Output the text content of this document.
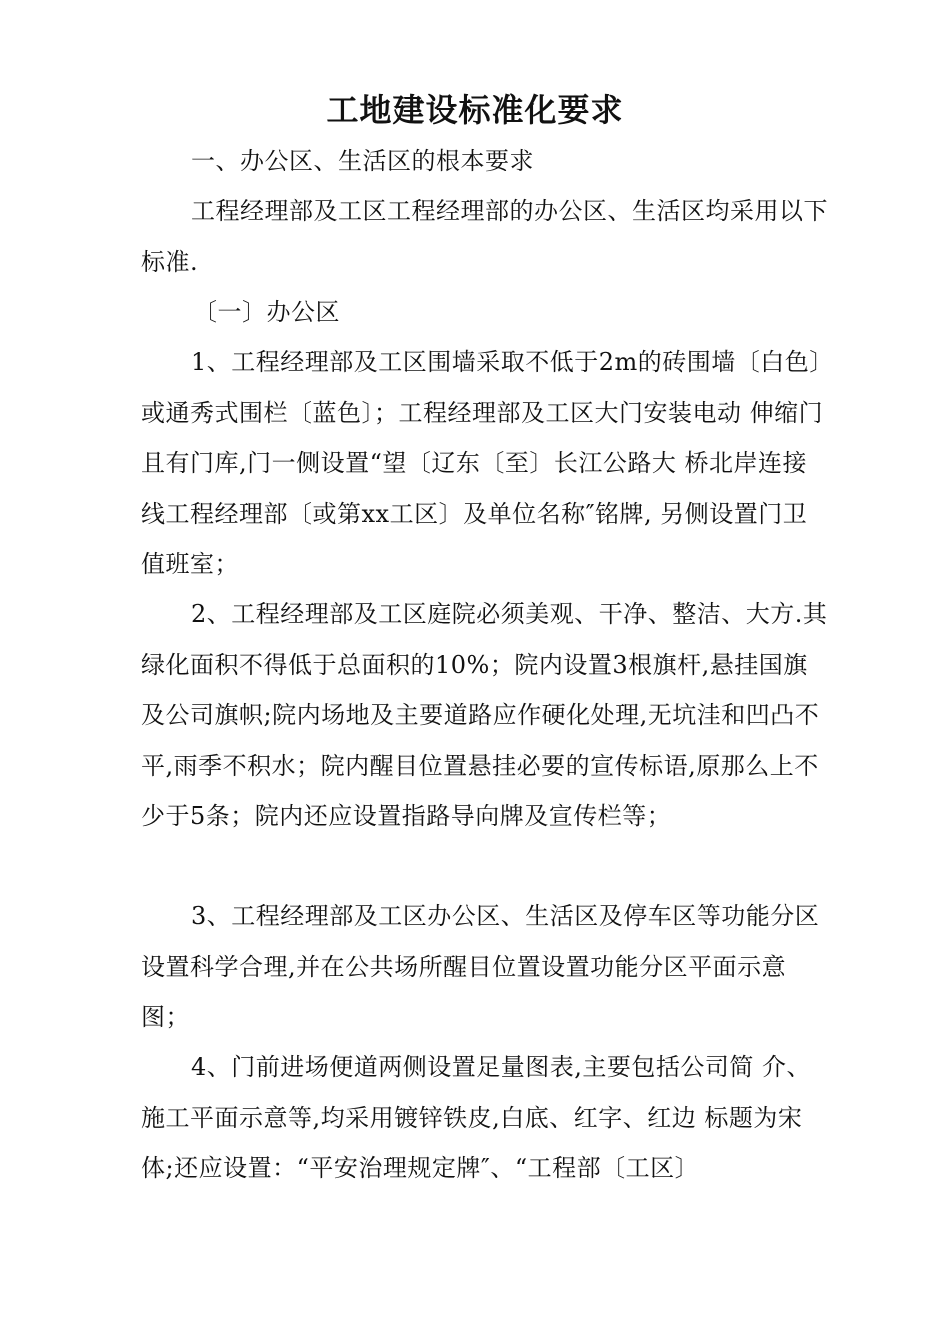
工地建设标准化要求

一、办公区、生活区的根本要求

工程经理部及工区工程经理部的办公区、生活区均采用以下标准.

〔一〕办公区

1、工程经理部及工区围墙采取不低于2m的砖围墙〔白色〕或通秀式围栏〔蓝色〕；工程经理部及工区大门安装电动 伸缩门且有门库,门一侧设置“望〔辽东〔至〕长江公路大 桥北岸连接线工程经理部〔或第xx工区〕及单位名称″铭牌, 另侧设置门卫值班室；

2、工程经理部及工区庭院必须美观、干净、整洁、大方.其绿化面积不得低于总面积的10%；院内设置3根旗杆,悬挂国旗及公司旗帜;院内场地及主要道路应作硬化处理,无坑洼和凹凸不平,雨季不积水；院内醒目位置悬挂必要的宣传标语,原那么上不少于5条；院内还应设置指路导向牌及宣传栏等；

3、工程经理部及工区办公区、生活区及停车区等功能分区设置科学合理,并在公共场所醒目位置设置功能分区平面示意图；

4、门前进场便道两侧设置足量图表,主要包括公司简 介、施工平面示意等,均采用镀锌铁皮,白底、红字、红边 标题为宋体;还应设置：“平安治理规定牌″、“工程部〔工区〕
